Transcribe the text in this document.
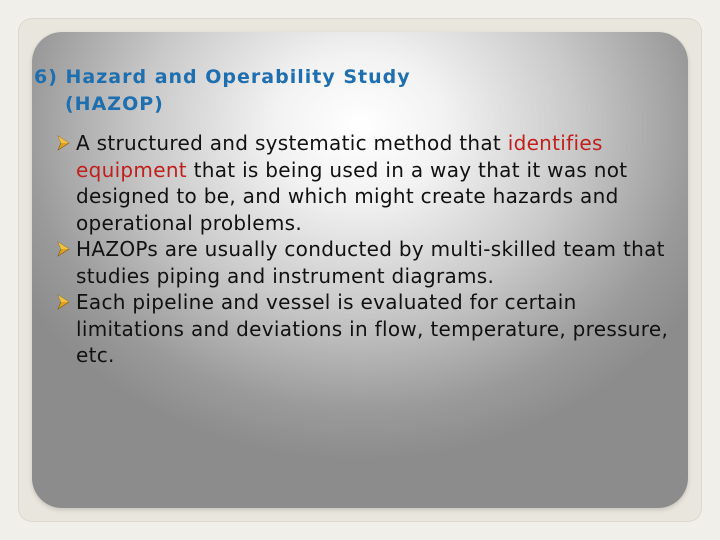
6) Hazard and Operability Study
(HAZOP)
A structured and systematic method that identifies equipment that is being used in a way that it was not designed to be, and which might create hazards and operational problems.
HAZOPs are usually conducted by multi-skilled team that studies piping and instrument diagrams.
Each pipeline and vessel is evaluated for certain limitations and deviations in flow, temperature, pressure, etc.
